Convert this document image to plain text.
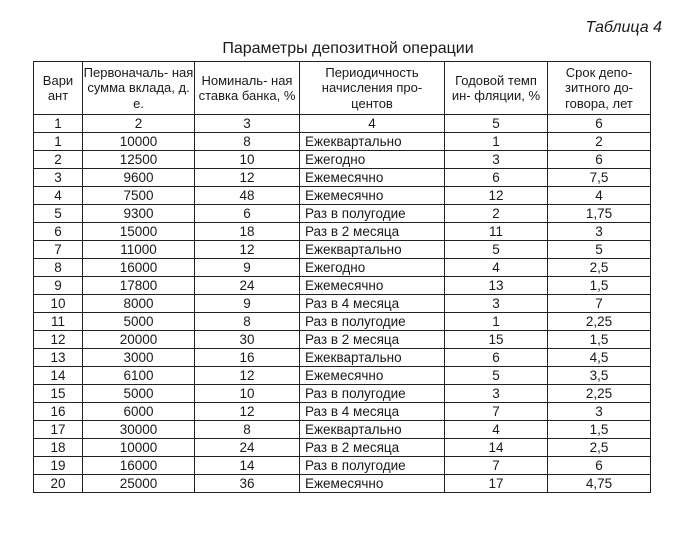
Таблица 4
Параметры депозитной операции
Вари ант	Первоначаль- ная сумма вклада, д. е.	Номиналь- ная ставка банка, %	Периодичность начисления про- центов	Годовой темп ин- фляции, %	Срок депо- зитного до- говора, лет
1	2	3	4	5	6
1	10000	8	Ежеквартально	1	2
2	12500	10	Ежегодно	3	6
3	9600	12	Ежемесячно	6	7,5
4	7500	48	Ежемесячно	12	4
5	9300	6	Раз в полугодие	2	1,75
6	15000	18	Раз в 2 месяца	11	3
7	11000	12	Ежеквартально	5	5
8	16000	9	Ежегодно	4	2,5
9	17800	24	Ежемесячно	13	1,5
10	8000	9	Раз в 4 месяца	3	7
11	5000	8	Раз в полугодие	1	2,25
12	20000	30	Раз в 2 месяца	15	1,5
13	3000	16	Ежеквартально	6	4,5
14	6100	12	Ежемесячно	5	3,5
15	5000	10	Раз в полугодие	3	2,25
16	6000	12	Раз в 4 месяца	7	3
17	30000	8	Ежеквартально	4	1,5
18	10000	24	Раз в 2 месяца	14	2,5
19	16000	14	Раз в полугодие	7	6
20	25000	36	Ежемесячно	17	4,75
